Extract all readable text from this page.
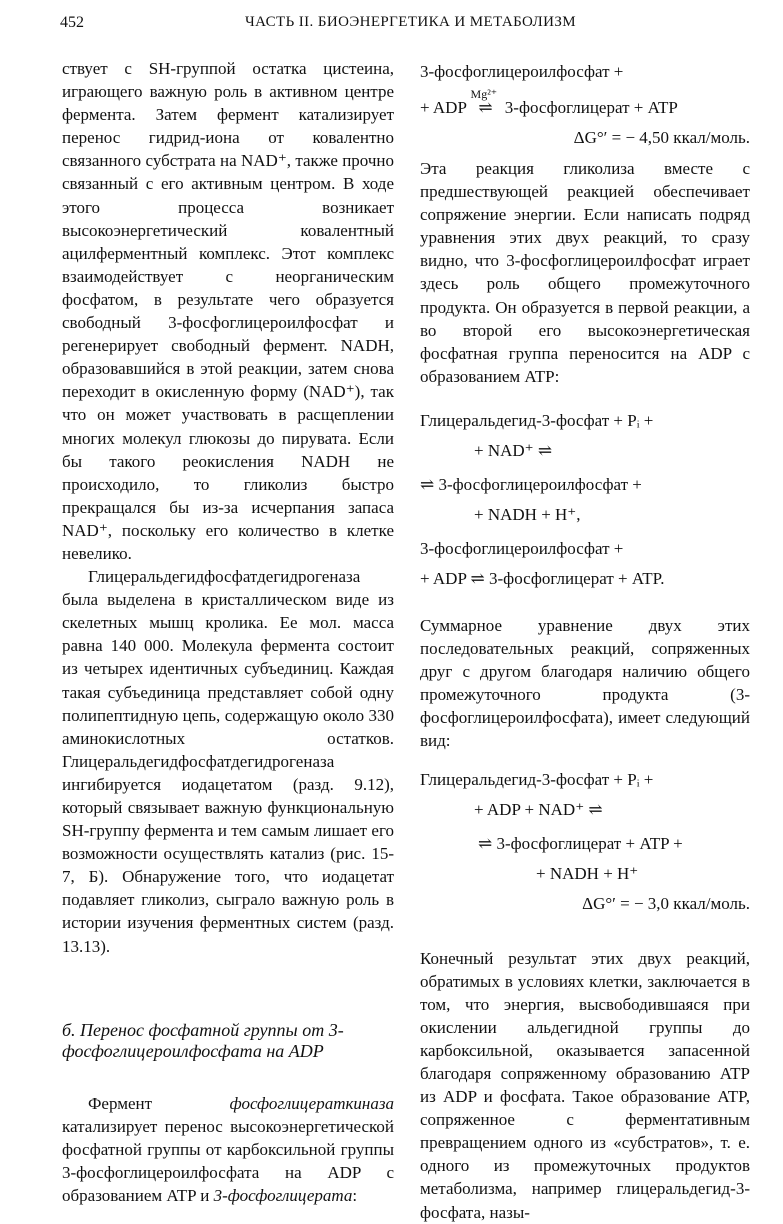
452	ЧАСТЬ II. БИОЭНЕРГЕТИКА И МЕТАБОЛИЗМ

ствует с SH-группой остатка цистеина, играющего важную роль в активном центре фермента. Затем фермент катализирует перенос гидрид-иона от ковалентно связанного субстрата на NAD⁺, также прочно связанный с его активным центром. В ходе этого процесса возникает высокоэнергетический ковалентный ацилферментный комплекс. Этот комплекс взаимодействует с неорганическим фосфатом, в результате чего образуется свободный 3-фосфоглицероилфосфат и регенерирует свободный фермент. NADH, образовавшийся в этой реакции, затем снова переходит в окисленную форму (NAD⁺), так что он может участвовать в расщеплении многих молекул глюкозы до пирувата. Если бы такого реокисления NADH не происходило, то гликолиз быстро прекращался бы из-за исчерпания запаса NAD⁺, поскольку его количество в клетке невелико.

Глицеральдегидфосфатдегидрогеназа была выделена в кристаллическом виде из скелетных мышц кролика. Ее мол. масса равна 140 000. Молекула фермента состоит из четырех идентичных субъединиц. Каждая такая субъединица представляет собой одну полипептидную цепь, содержащую около 330 аминокислотных остатков. Глицеральдегидфосфатдегидрогеназа ингибируется иодацетатом (разд. 9.12), который связывает важную функциональную SH-группу фермента и тем самым лишает его возможности осуществлять катализ (рис. 15-7, Б). Обнаружение того, что иодацетат подавляет гликолиз, сыграло важную роль в истории изучения ферментных систем (разд. 13.13).

б. Перенос фосфатной группы от 3-фосфоглицероилфосфата на ADP

Фермент фосфоглицераткиназа катализирует перенос высокоэнергетической фосфатной группы от карбоксильной группы 3-фосфоглицероилфосфата на ADP с образованием ATP и 3-фосфоглицерата:

3-фосфоглицероилфосфат +
+ ADP
Mg²⁺
⇌ 3-фосфоглицерат + ATP
ΔG°′ = − 4,50 ккал/моль.

Эта реакция гликолиза вместе с предшествующей реакцией обеспечивает сопряжение энергии. Если написать подряд уравнения этих двух реакций, то сразу видно, что 3-фосфоглицероилфосфат играет здесь роль общего промежуточного продукта. Он образуется в первой реакции, а во второй его высокоэнергетическая фосфатная группа переносится на ADP с образованием ATP:

Глицеральдегид-3-фосфат + Pᵢ +
+ NAD⁺ ⇌
⇌ 3-фосфоглицероилфосфат +
+ NADH + H⁺,
3-фосфоглицероилфосфат +
+ ADP ⇌ 3-фосфоглицерат + ATP.

Суммарное уравнение двух этих последовательных реакций, сопряженных друг с другом благодаря наличию общего промежуточного продукта (3-фосфоглицероилфосфата), имеет следующий вид:

Глицеральдегид-3-фосфат + Pᵢ +
+ ADP + NAD⁺ ⇌
⇌ 3-фосфоглицерат + ATP +
+ NADH + H⁺
ΔG°′ = − 3,0 ккал/моль.

Конечный результат этих двух реакций, обратимых в условиях клетки, заключается в том, что энергия, высвободившаяся при окислении альдегидной группы до карбоксильной, оказывается запасенной благодаря сопряженному образованию ATP из ADP и фосфата. Такое образование ATP, сопряженное с ферментативным превращением одного из «субстратов», т. е. одного из промежуточных продуктов метаболизма, например глицеральдегид-3-фосфата, назы-
